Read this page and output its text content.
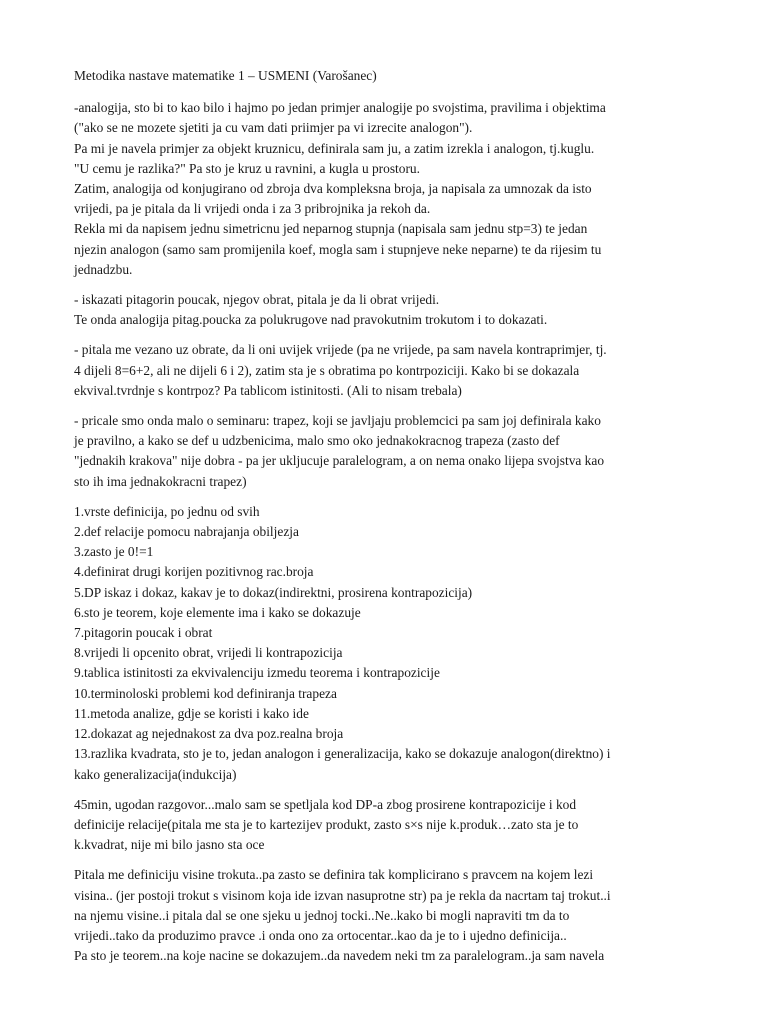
Metodika nastave matematike 1 – USMENI (Varošanec)
-analogija, sto bi to kao bilo i hajmo po jedan primjer analogije po svojstima, pravilima i objektima
("ako se ne mozete sjetiti ja cu vam dati priimjer pa vi izrecite analogon").
Pa mi je navela primjer za objekt kruznicu, definirala sam ju, a zatim izrekla i analogon, tj.kuglu.
"U cemu je razlika?" Pa sto je kruz u ravnini, a kugla u prostoru.
Zatim, analogija od konjugirano od zbroja dva kompleksna broja, ja napisala za umnozak da isto
vrijedi, pa je pitala da li vrijedi onda i za 3 pribrojnika ja rekoh da.
Rekla mi da napisem jednu simetricnu jed neparnog stupnja (napisala sam jednu stp=3) te jedan
njezin analogon (samo sam promijenila koef, mogla sam i stupnjeve neke neparne) te da rijesim tu
jednadzbu.
- iskazati pitagorin poucak, njegov obrat, pitala je da li obrat vrijedi.
Te onda analogija pitag.poucka za polukrugove nad pravokutnim trokutom i to dokazati.
- pitala me vezano uz obrate, da li oni uvijek vrijede (pa ne vrijede, pa sam navela kontraprimjer, tj.
4 dijeli 8=6+2, ali ne dijeli 6 i 2), zatim sta je s obratima po kontrpoziciji. Kako bi se dokazala
ekvival.tvrdnje s kontrpoz? Pa tablicom istinitosti. (Ali to nisam trebala)
- pricale smo onda malo o seminaru: trapez, koji se javljaju problemcici pa sam joj definirala kako
je pravilno, a kako se def u udzbenicima, malo smo oko jednakokracnog trapeza (zasto def
"jednakih krakova" nije dobra - pa jer ukljucuje paralelogram, a on nema onako lijepa svojstva kao
sto ih ima jednakokracni trapez)
1.vrste definicija, po jednu od svih
2.def relacije pomocu nabrajanja obiljezja
3.zasto je 0!=1
4.definirat drugi korijen pozitivnog rac.broja
5.DP iskaz i dokaz, kakav je to dokaz(indirektni, prosirena kontrapozicija)
6.sto je teorem, koje elemente ima i kako se dokazuje
7.pitagorin poucak i obrat
8.vrijedi li opcenito obrat, vrijedi li kontrapozicija
9.tablica istinitosti za ekvivalenciju izmedu teorema i kontrapozicije
10.terminoloski problemi kod definiranja trapeza
11.metoda analize, gdje se koristi i kako ide
12.dokazat ag nejednakost za dva poz.realna broja
13.razlika kvadrata, sto je to, jedan analogon i generalizacija, kako se dokazuje analogon(direktno) i
kako generalizacija(indukcija)
45min, ugodan razgovor...malo sam se spetljala kod DP-a zbog prosirene kontrapozicije i kod
definicije relacije(pitala me sta je to kartezijev produkt, zasto s×s nije k.produk…zato sta je to
k.kvadrat, nije mi bilo jasno sta oce
Pitala me definiciju visine trokuta..pa zasto se definira tak komplicirano s pravcem na kojem lezi
visina.. (jer postoji trokut s visinom koja ide izvan nasuprotne str) pa je rekla da nacrtam taj trokut..i
na njemu visine..i pitala dal se one sjeku u jednoj tocki..Ne..kako bi mogli napraviti tm da to
vrijedi..tako da produzimo pravce .i onda ono za ortocentar..kao da je to i ujedno definicija..
Pa sto je teorem..na koje nacine se dokazujem..da navedem neki tm za paralelogram..ja sam navela
